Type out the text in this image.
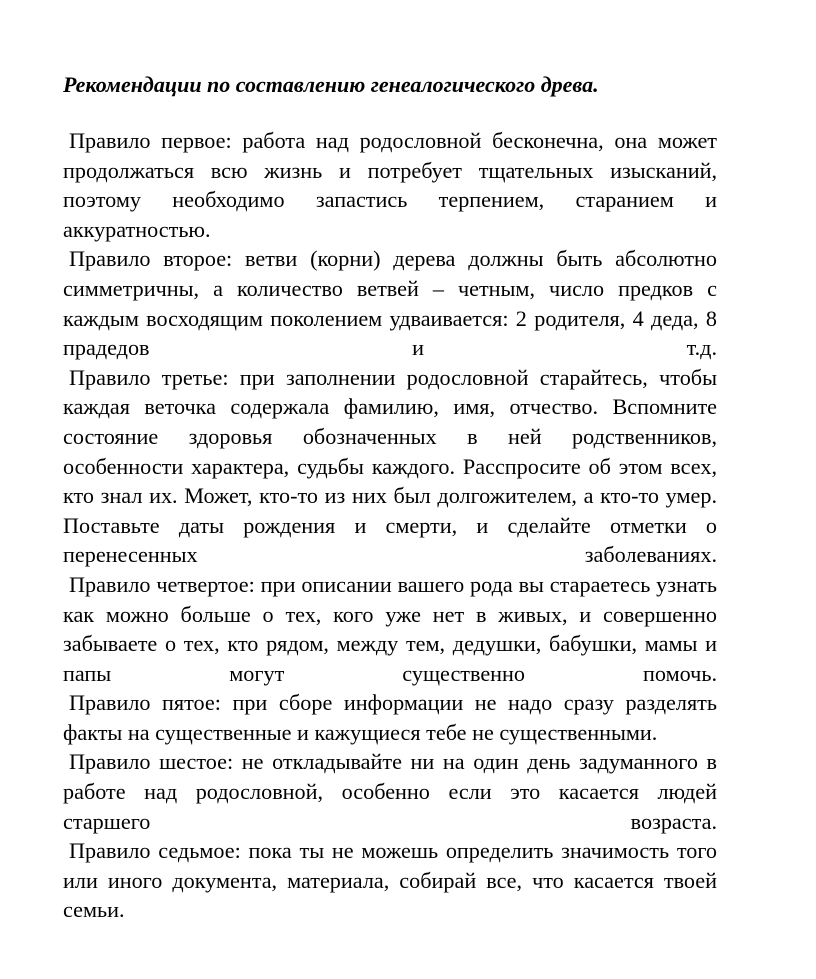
Рекомендации по составлению генеалогического древа.

Правило первое: работа над родословной бесконечна, она может продолжаться всю жизнь и потребует тщательных изысканий, поэтому необходимо запастись терпением, старанием и аккуратностью.

Правило второе: ветви (корни) дерева должны быть абсолютно симметричны, а количество ветвей – четным, число предков с каждым восходящим поколением удваивается: 2 родителя, 4 деда, 8 прадедов и т.д.

Правило третье: при заполнении родословной старайтесь, чтобы каждая веточка содержала фамилию, имя, отчество. Вспомните состояние здоровья обозначенных в ней родственников, особенности характера, судьбы каждого. Расспросите об этом всех, кто знал их. Может, кто-то из них был долгожителем, а кто-то умер. Поставьте даты рождения и смерти, и сделайте отметки о перенесенных заболеваниях.

Правило четвертое: при описании вашего рода вы стараетесь узнать как можно больше о тех, кого уже нет в живых, и совершенно забываете о тех, кто рядом, между тем, дедушки, бабушки, мамы и папы могут существенно помочь.

Правило пятое: при сборе информации не надо сразу разделять факты на существенные и кажущиеся тебе не существенными.

Правило шестое: не откладывайте ни на один день задуманного в работе над родословной, особенно если это касается людей старшего возраста.

Правило седьмое: пока ты не можешь определить значимость того или иного документа, материала, собирай все, что касается твоей семьи.
